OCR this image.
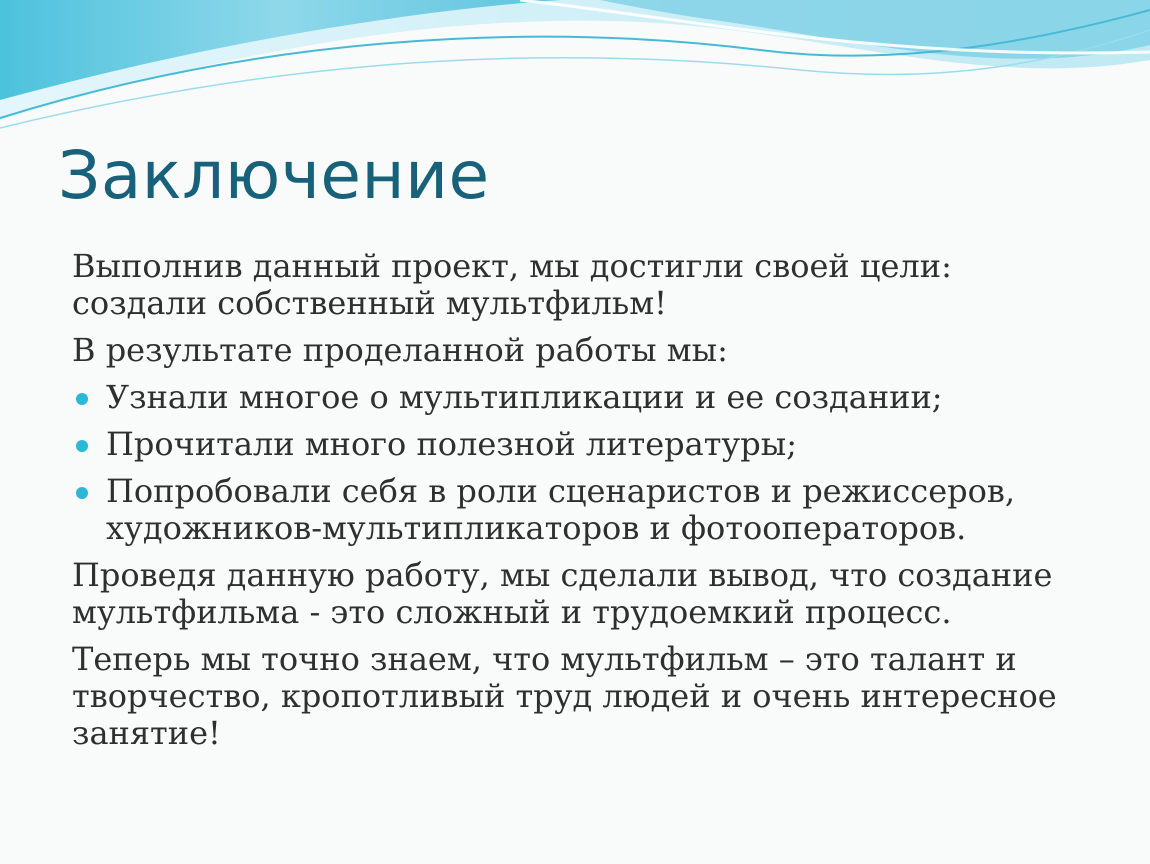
Заключение

Выполнив данный проект, мы достигли своей цели: создали собственный мультфильм!

В результате проделанной работы мы:

Узнали многое о мультипликации и ее создании;
Прочитали много полезной литературы;
Попробовали себя в роли сценаристов и режиссеров, художников-мультипликаторов и фотооператоров.

Проведя данную работу, мы сделали вывод, что создание мультфильма - это сложный и трудоемкий процесс.

Теперь мы точно знаем, что мультфильм – это талант и творчество, кропотливый труд людей и очень интересное занятие!
